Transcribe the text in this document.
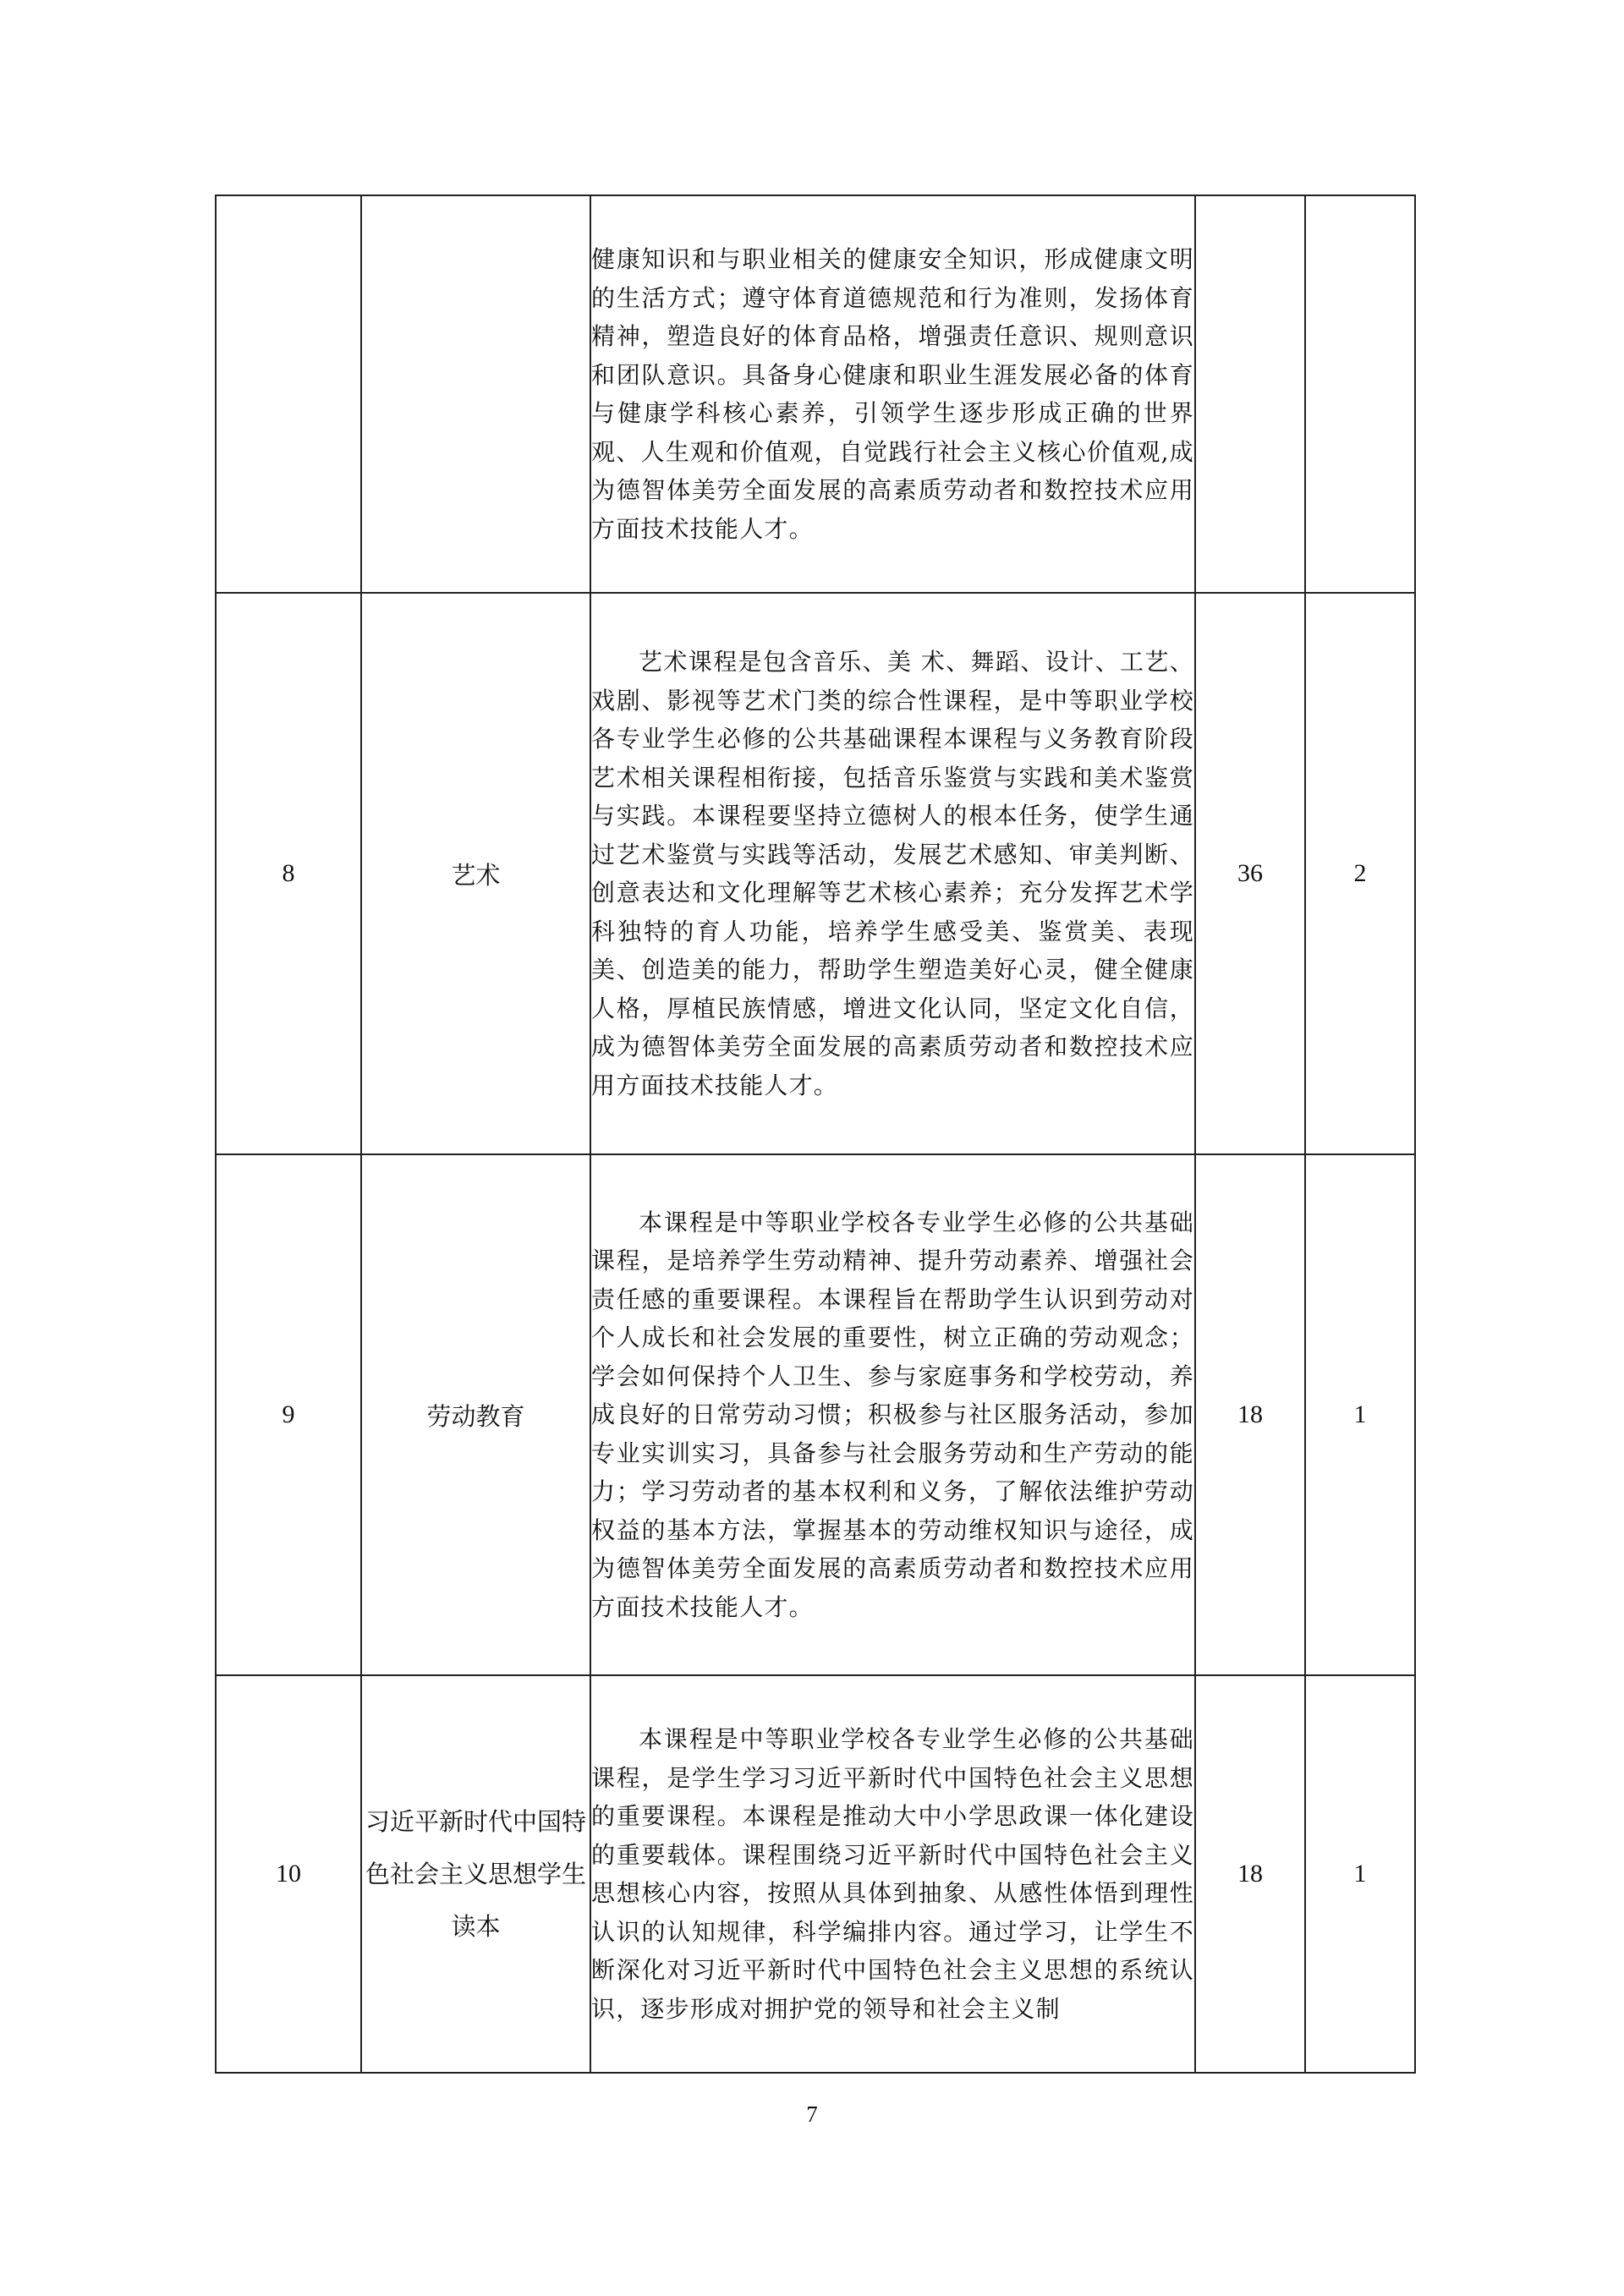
		健康知识和与职业相关的健康安全知识，形成健康文明的生活方式；遵守体育道德规范和行为准则，发扬体育精神，塑造良好的体育品格，增强责任意识、规则意识和团队意识。具备身心健康和职业生涯发展必备的体育与健康学科核心素养，引领学生逐步形成正确的世界观、人生观和价值观，自觉践行社会主义核心价值观,成为德智体美劳全面发展的高素质劳动者和数控技术应用方面技术技能人才。		

8	艺术	艺术课程是包含音乐、美 术、舞蹈、设计、工艺、戏剧、影视等艺术门类的综合性课程，是中等职业学校各专业学生必修的公共基础课程本课程与义务教育阶段艺术相关课程相衔接，包括音乐鉴赏与实践和美术鉴赏与实践。本课程要坚持立德树人的根本任务，使学生通过艺术鉴赏与实践等活动，发展艺术感知、审美判断、创意表达和文化理解等艺术核心素养；充分发挥艺术学科独特的育人功能，培养学生感受美、鉴赏美、表现美、创造美的能力，帮助学生塑造美好心灵，健全健康人格，厚植民族情感，增进文化认同，坚定文化自信，成为德智体美劳全面发展的高素质劳动者和数控技术应用方面技术技能人才。	36	2
9	劳动教育	本课程是中等职业学校各专业学生必修的公共基础课程，是培养学生劳动精神、提升劳动素养、增强社会责任感的重要课程。本课程旨在帮助学生认识到劳动对个人成长和社会发展的重要性，树立正确的劳动观念；学会如何保持个人卫生、参与家庭事务和学校劳动，养成良好的日常劳动习惯；积极参与社区服务活动，参加专业实训实习，具备参与社会服务劳动和生产劳动的能力；学习劳动者的基本权利和义务，了解依法维护劳动权益的基本方法，掌握基本的劳动维权知识与途径，成为德智体美劳全面发展的高素质劳动者和数控技术应用方面技术技能人才。	18	1
10	习近平新时代中国特色社会主义思想学生读本	本课程是中等职业学校各专业学生必修的公共基础课程，是学生学习习近平新时代中国特色社会主义思想的重要课程。本课程是推动大中小学思政课一体化建设的重要载体。课程围绕习近平新时代中国特色社会主义思想核心内容，按照从具体到抽象、从感性体悟到理性认识的认知规律，科学编排内容。通过学习，让学生不断深化对习近平新时代中国特色社会主义思想的系统认识，逐步形成对拥护党的领导和社会主义制	18	1
7
